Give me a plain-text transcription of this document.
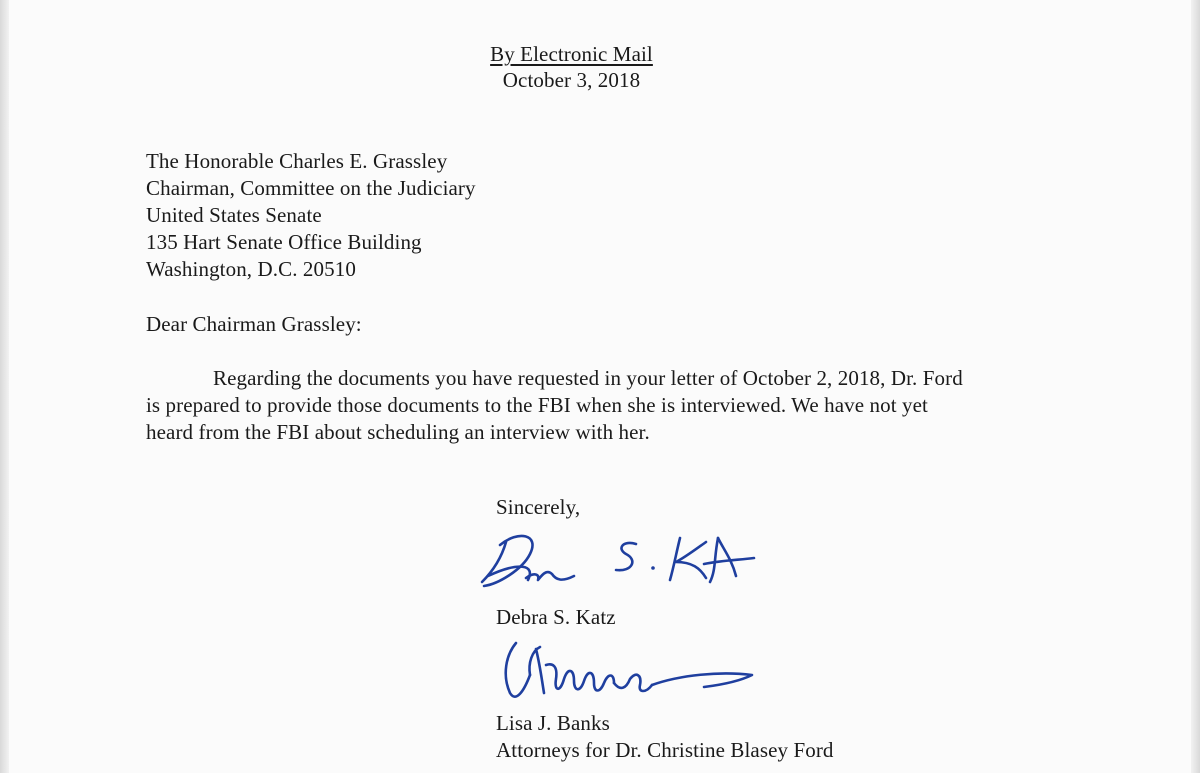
By Electronic Mail
October 3, 2018
The Honorable Charles E. Grassley
Chairman, Committee on the Judiciary
United States Senate
135 Hart Senate Office Building
Washington, D.C. 20510
Dear Chairman Grassley:
Regarding the documents you have requested in your letter of October 2, 2018, Dr. Ford
is prepared to provide those documents to the FBI when she is interviewed. We have not yet
heard from the FBI about scheduling an interview with her.
Sincerely,
Debra S. Katz
Lisa J. Banks
Attorneys for Dr. Christine Blasey Ford
